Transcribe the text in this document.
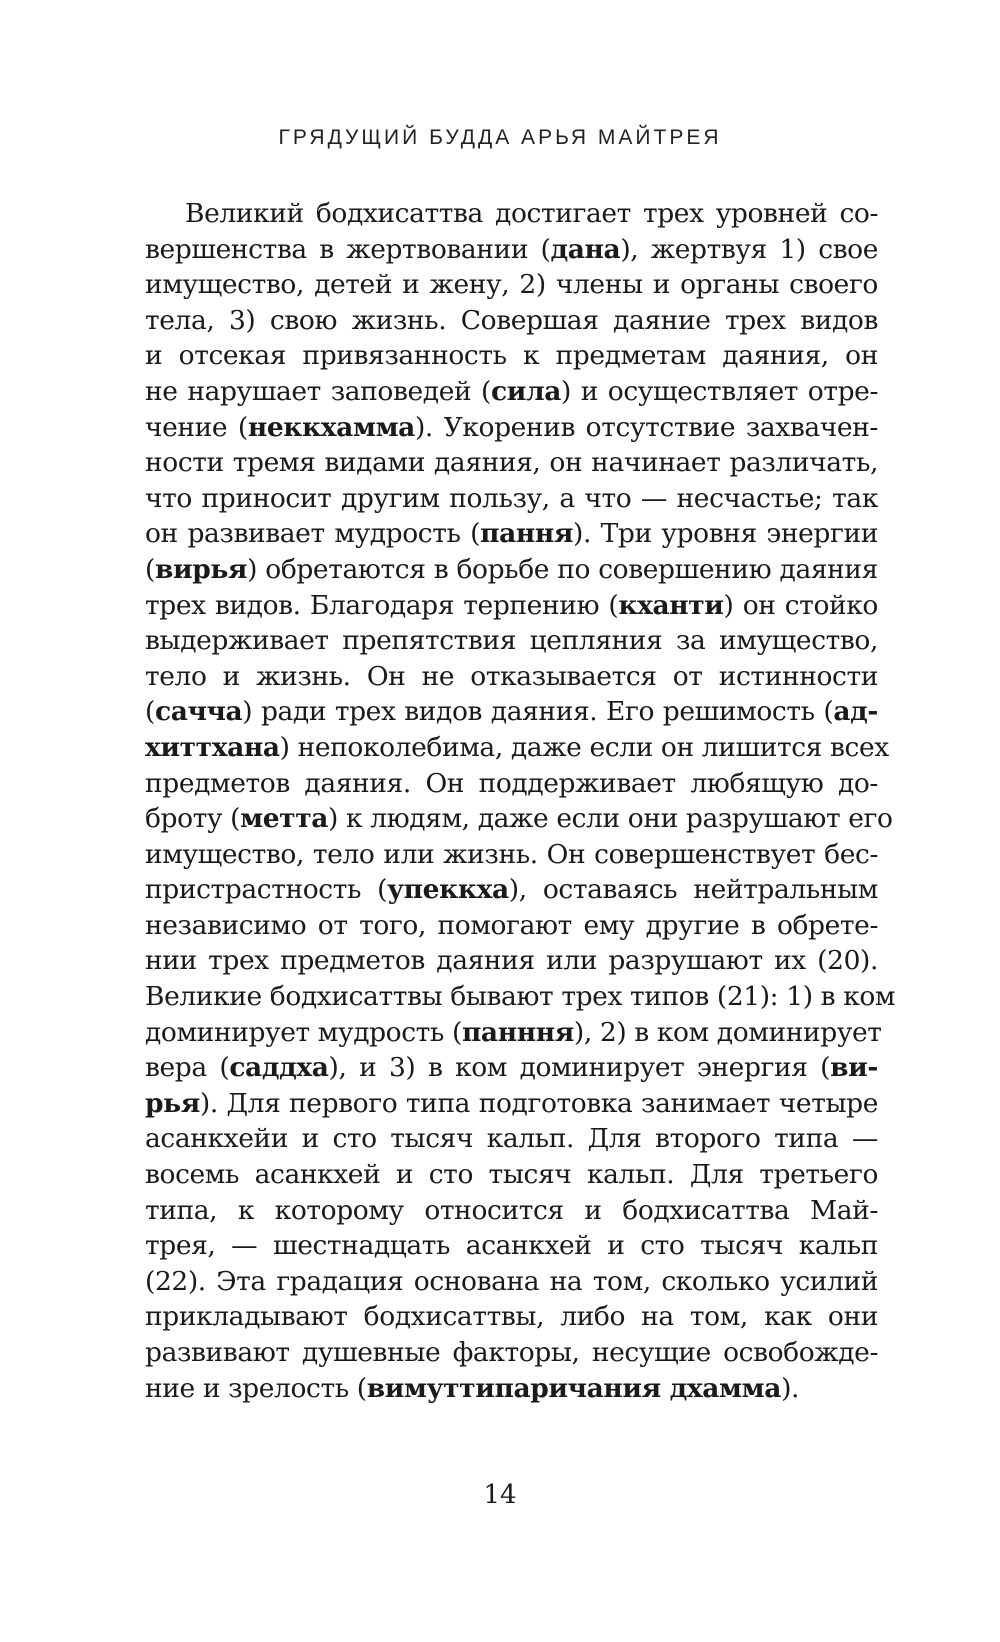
ГРЯДУЩИЙ БУДДА АРЬЯ МАЙТРЕЯ

Великий бодхисаттва достигает трех уровней со-
вершенства в жертвовании (дана), жертвуя 1) свое
имущество, детей и жену, 2) члены и органы своего
тела, 3) свою жизнь. Совершая даяние трех видов
и отсекая привязанность к предметам даяния, он
не нарушает заповедей (сила) и осуществляет отре-
чение (неккхамма). Укоренив отсутствие захвачен-
ности тремя видами даяния, он начинает различать,
что приносит другим пользу, а что — несчастье; так
он развивает мудрость (пання). Три уровня энергии
(вирья) обретаются в борьбе по совершению даяния
трех видов. Благодаря терпению (кханти) он стойко
выдерживает препятствия цепляния за имущество,
тело и жизнь. Он не отказывается от истинности
(сачча) ради трех видов даяния. Его решимость (ад-
хиттхана) непоколебима, даже если он лишится всех
предметов даяния. Он поддерживает любящую до-
броту (метта) к людям, даже если они разрушают его
имущество, тело или жизнь. Он совершенствует бес-
пристрастность (упеккха), оставаясь нейтральным
независимо от того, помогают ему другие в обрете-
нии трех предметов даяния или разрушают их (20).
Великие бодхисаттвы бывают трех типов (21): 1) в ком
доминирует мудрость (панння), 2) в ком доминирует
вера (саддха), и 3) в ком доминирует энергия (ви-
рья). Для первого типа подготовка занимает четыре
асанкхейи и сто тысяч кальп. Для второго типа —
восемь асанкхей и сто тысяч кальп. Для третьего
типа, к которому относится и бодхисаттва Май-
трея, — шестнадцать асанкхей и сто тысяч кальп
(22). Эта градация основана на том, сколько усилий
прикладывают бодхисаттвы, либо на том, как они
развивают душевные факторы, несущие освобожде-
ние и зрелость (вимуттипаричания дхамма).

14
